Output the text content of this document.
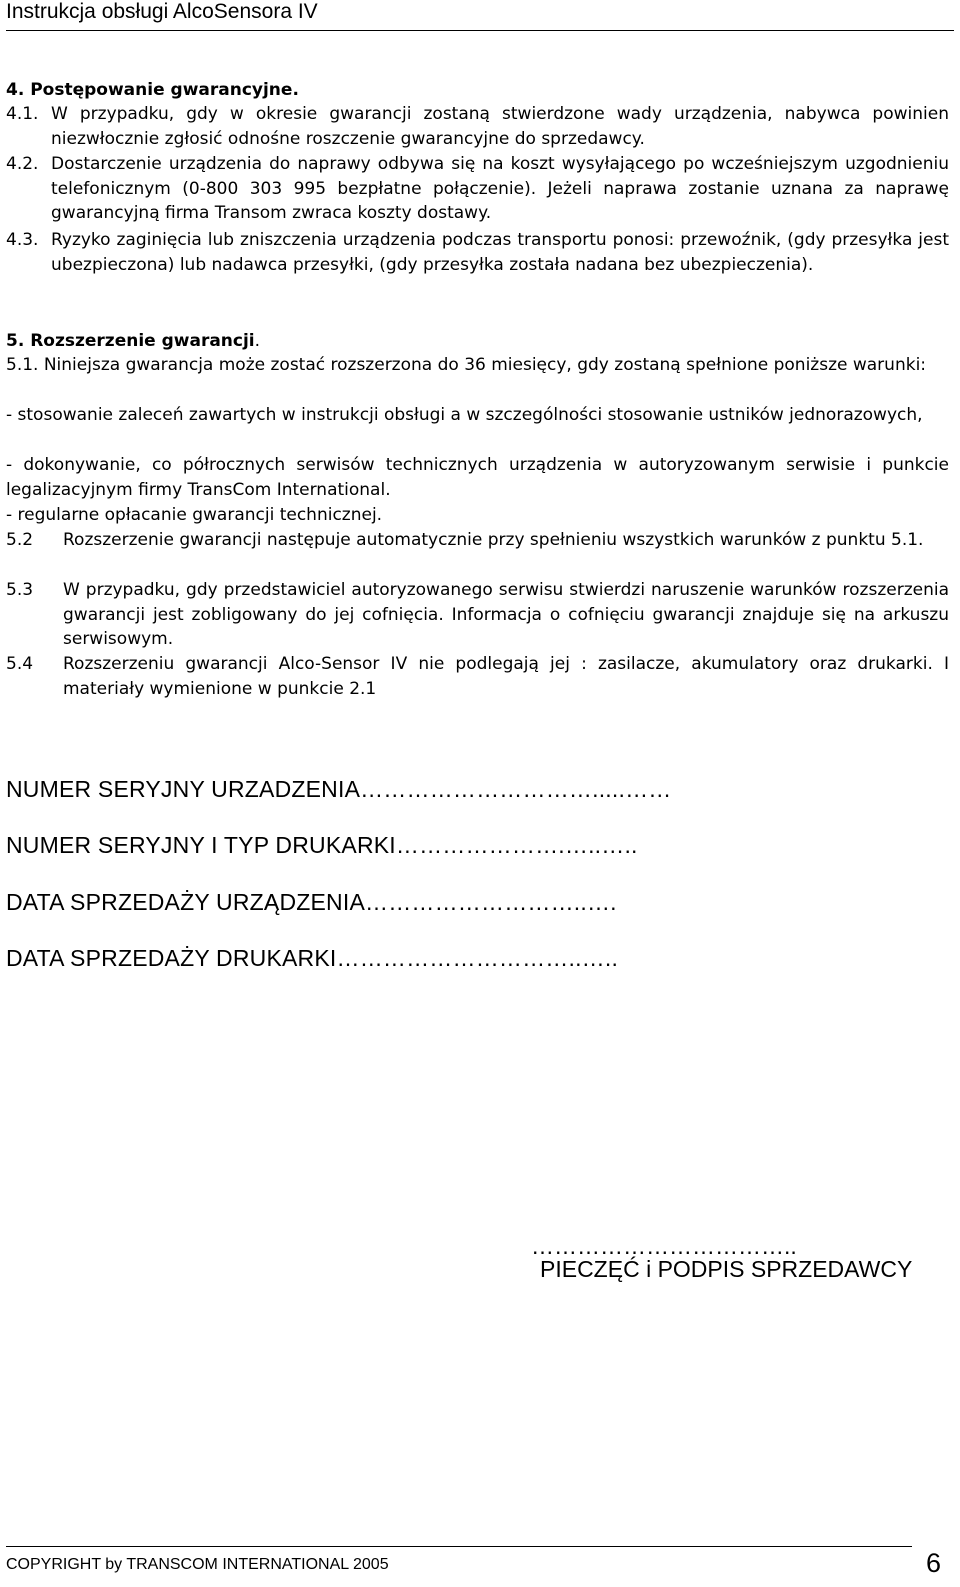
Instrukcja obsługi AlcoSensora IV
4. Postępowanie gwarancyjne.
4.1. W przypadku, gdy w okresie gwarancji zostaną stwierdzone wady urządzenia, nabywca powinien niezwłocznie zgłosić odnośne roszczenie gwarancyjne do sprzedawcy.
4.2. Dostarczenie urządzenia do naprawy odbywa się na koszt wysyłającego po wcześniejszym uzgodnieniu telefonicznym (0-800 303 995 bezpłatne połączenie). Jeżeli naprawa zostanie uznana za naprawę gwarancyjną firma Transom zwraca koszty dostawy.
4.3. Ryzyko zaginięcia lub zniszczenia urządzenia podczas transportu ponosi: przewoźnik, (gdy przesyłka jest ubezpieczona) lub nadawca przesyłki, (gdy przesyłka została nadana bez ubezpieczenia).
5. Rozszerzenie gwarancji.
5.1. Niniejsza gwarancja może zostać rozszerzona do 36 miesięcy, gdy zostaną spełnione poniższe warunki:
- stosowanie zaleceń zawartych w instrukcji obsługi a w szczególności stosowanie ustników jednorazowych,
- dokonywanie, co półrocznych serwisów technicznych urządzenia w autoryzowanym serwisie i punkcie legalizacyjnym firmy TransCom International.
- regularne opłacanie gwarancji technicznej.
5.2 Rozszerzenie gwarancji następuje automatycznie przy spełnieniu wszystkich warunków z punktu 5.1.
5.3 W przypadku, gdy przedstawiciel autoryzowanego serwisu stwierdzi naruszenie warunków rozszerzenia gwarancji jest zobligowany do jej cofnięcia. Informacja o cofnięciu gwarancji znajduje się na arkuszu serwisowym.
5.4 Rozszerzeniu gwarancji Alco-Sensor IV nie podlegają jej : zasilacze, akumulatory oraz drukarki. I materiały wymienione w punkcie 2.1
NUMER SERYJNY URZADZENIA………………………….....……
NUMER SERYJNY I TYP DRUKARKI………………….…..…..
DATA SPRZEDAŻY URZĄDZENIA………………………..….
DATA SPRZEDAŻY DRUKARKI…………………………..…..
……………………………..
PIECZĘĆ i PODPIS SPRZEDAWCY
COPYRIGHT by TRANSCOM INTERNATIONAL 2005	6
